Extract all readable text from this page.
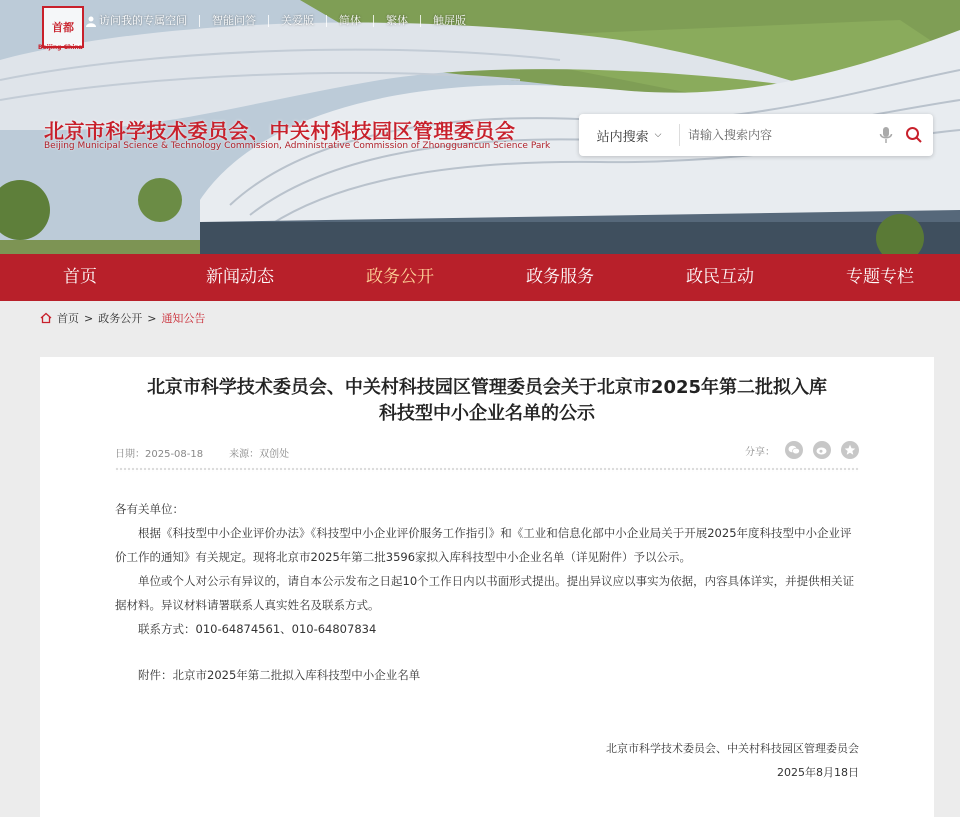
首都
Beijing·China
访问我的专属空间	智能问答	关爱版	简体	繁体	触屏版
北京市科学技术委员会、中关村科技园区管理委员会
Beijing Municipal Science & Technology Commission, Administrative Commission of Zhongguancun Science Park
站内搜索 ⌵
请输入搜索内容
首页	新闻动态	政务公开	政务服务	政民互动	专题专栏
首页 > 政务公开 > 通知公告
北京市科学技术委员会、中关村科技园区管理委员会关于北京市2025年第二批拟入库科技型中小企业名单的公示
日期：2025-08-18	来源：双创处	分享：

各有关单位：

根据《科技型中小企业评价办法》《科技型中小企业评价服务工作指引》和《工业和信息化部中小企业局关于开展2025年度科技型中小企业评价工作的通知》有关规定。现将北京市2025年第二批3596家拟入库科技型中小企业名单（详见附件）予以公示。

单位或个人对公示有异议的，请自本公示发布之日起10个工作日内以书面形式提出。提出异议应以事实为依据，内容具体详实，并提供相关证据材料。异议材料请署联系人真实姓名及联系方式。

联系方式：010-64874561、010-64807834

附件：北京市2025年第二批拟入库科技型中小企业名单

北京市科学技术委员会、中关村科技园区管理委员会
2025年8月18日
